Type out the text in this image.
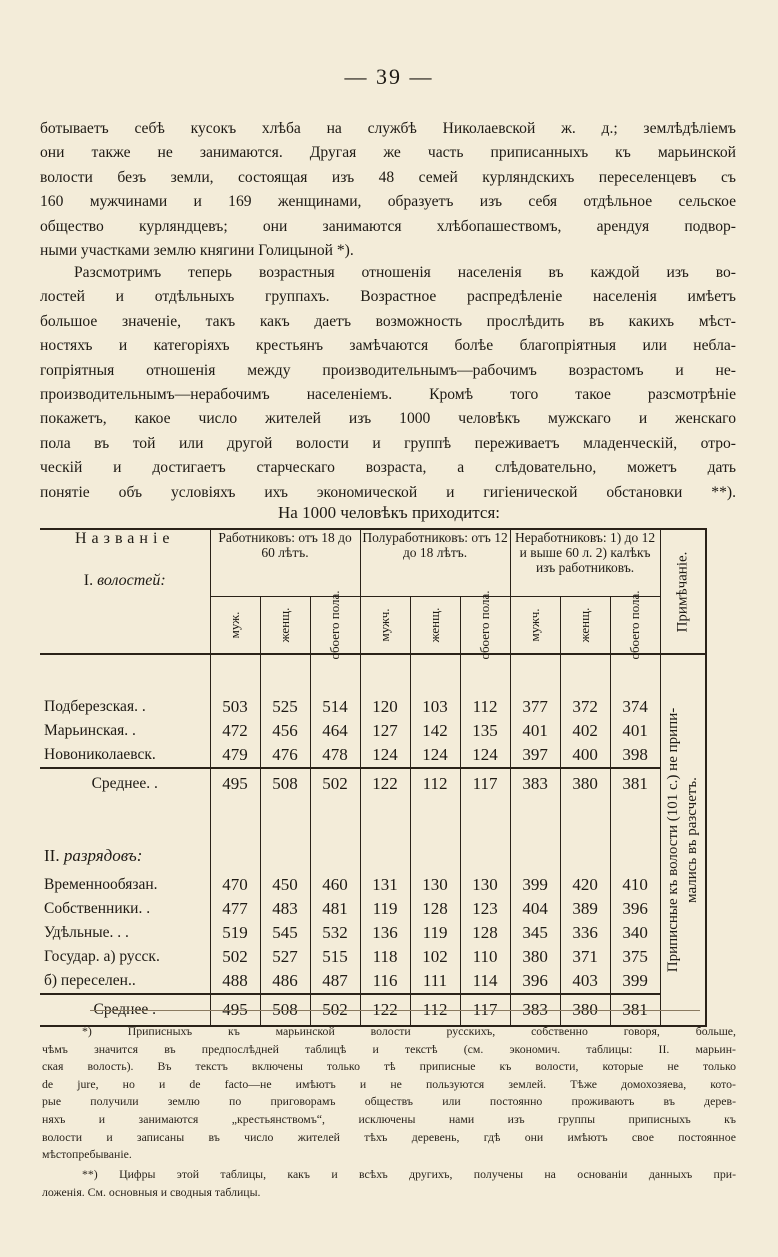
— 39 —
ботываетъ себѣ кусокъ хлѣба на службѣ Николаевской ж. д.; землѣдѣліемъ
они также не занимаются. Другая же часть приписанныхъ къ марьинской
волости безъ земли, состоящая изъ 48 семей курляндскихъ переселенцевъ съ
160 мужчинами и 169 женщинами, образуетъ изъ себя отдѣльное сельское
общество курляндцевъ; они занимаются хлѣбопашествомъ, арендуя подвор-
ными участками землю княгини Голицыной *).
Разсмотримъ теперь возрастныя отношенія населенія въ каждой изъ во-
лостей и отдѣльныхъ группахъ. Возрастное распредѣленіе населенія имѣетъ
большое значеніе, такъ какъ даетъ возможность прослѣдить въ какихъ мѣст-
ностяхъ и категоріяхъ крестьянъ замѣчаются болѣе благопріятныя или небла-
гопріятныя отношенія между производительнымъ—рабочимъ возрастомъ и не-
производительнымъ—нерабочимъ населеніемъ. Кромѣ того такое разсмотрѣніе
покажетъ, какое число жителей изъ 1000 человѣкъ мужскаго и женскаго
пола въ той или другой волости и группѣ переживаетъ младенческій, отро-
ческій и достигаетъ старческаго возраста, а слѣдовательно, можетъ дать
понятіе объ условіяхъ ихъ экономической и гигіенической обстановки **).
На 1000 человѣкъ приходится:
Названіе
I. волостей:	Работниковъ: отъ 18 до 60 лѣтъ.			Полуработниковъ: отъ 12 до 18 лѣтъ.			Неработниковъ: 1) до 12 и выше 60 л. 2) калѣкъ изъ работниковъ.			Примѣчаніе.

	муж.	женщ.	обоего пола.	мужч.	женщ.	обоего пола.	мужч.	женщ.	обоего пола.	

										Приписные къ волости (101 с.) не припи- мались въ разсчетъ.

Подберезская. .	503	525	514	120	103	112	377	372	374	
Марьинская. .	472	456	464	127	142	135	401	402	401	
Новониколаевск.	479	476	478	124	124	124	397	400	398	
Среднее. .	495	508	502	122	112	117	383	380	381	

II. разрядовъ:										
Временнообязан.	470	450	460	131	130	130	399	420	410	
Собственники. .	477	483	481	119	128	123	404	389	396	
Удѣльные. . .	519	545	532	136	119	128	345	336	340	
Государ. а) русск.	502	527	515	118	102	110	380	371	375	
б) переселен..	488	486	487	116	111	114	396	403	399	
Среднее .	495	508	502	122	112	117	383	380	381	
*) Приписныхъ къ марьинской волости русскихъ, собственно говоря, больше,
чѣмъ значится въ предпослѣдней таблицѣ и текстѣ (см. экономич. таблицы: II. марьин-
ская волость). Въ текстъ включены только тѣ приписные къ волости, которые не только
de jure, но и de facto—не имѣютъ и не пользуются землей. Тѣже домохозяева, кото-
рые получили землю по приговорамъ обществъ или постоянно проживаютъ въ дерев-
няхъ и занимаются „крестьянствомъ“, исключены нами изъ группы приписныхъ къ
волости и записаны въ число жителей тѣхъ деревень, гдѣ они имѣютъ свое постоянное
мѣстопребываніе.
**) Цифры этой таблицы, какъ и всѣхъ другихъ, получены на основаніи данныхъ при-
ложенія. См. основныя и сводныя таблицы.
